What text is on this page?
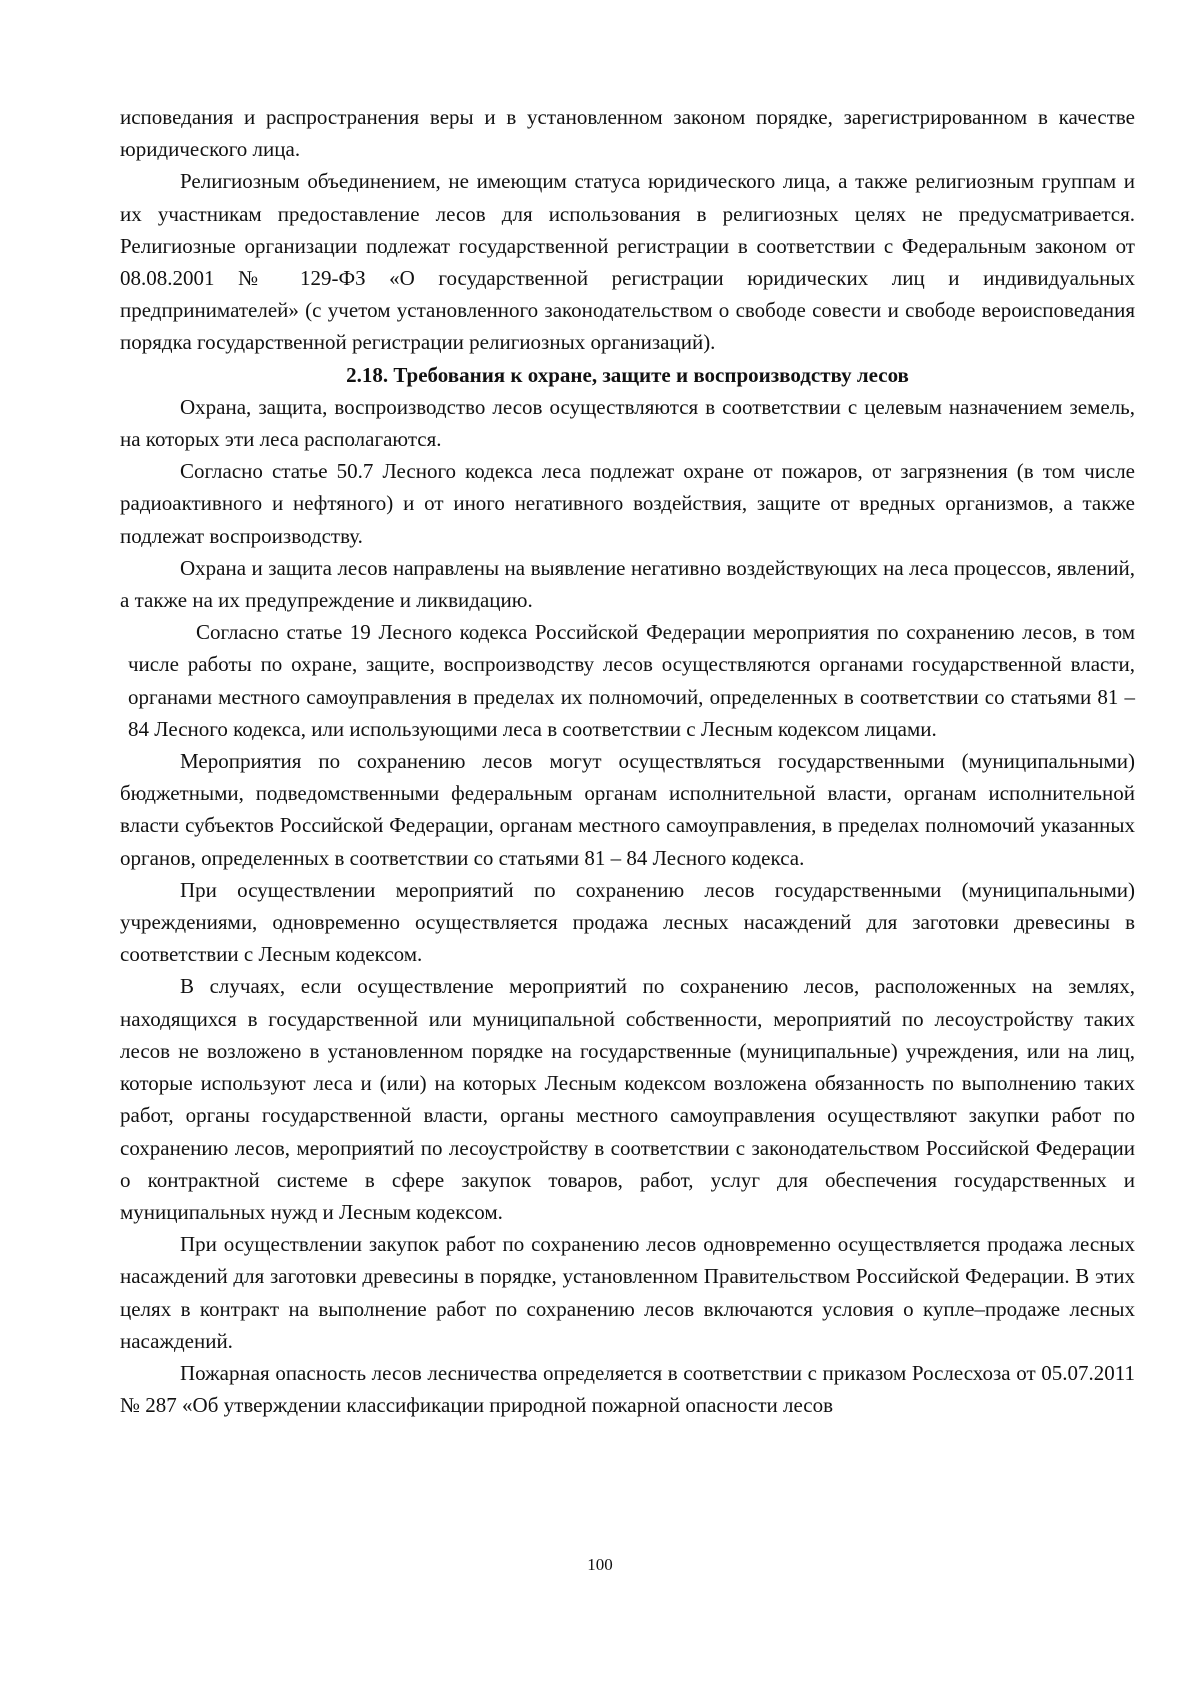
исповедания и распространения веры и в установленном законом порядке, зарегистрированном в качестве юридического лица.

Религиозным объединением, не имеющим статуса юридического лица, а также религиозным группам и их участникам предоставление лесов для использования в религиозных целях не предусматривается. Религиозные организации подлежат государственной регистрации в соответствии с Федеральным законом от 08.08.2001 № 129-ФЗ «О государственной регистрации юридических лиц и индивидуальных предпринимателей» (с учетом установленного законодательством о свободе совести и свободе вероисповедания порядка государственной регистрации религиозных организаций).

2.18. Требования к охране, защите и воспроизводству лесов

Охрана, защита, воспроизводство лесов осуществляются в соответствии с целевым назначением земель, на которых эти леса располагаются.

Согласно статье 50.7 Лесного кодекса леса подлежат охране от пожаров, от загрязнения (в том числе радиоактивного и нефтяного) и от иного негативного воздействия, защите от вредных организмов, а также подлежат воспроизводству.

Охрана и защита лесов направлены на выявление негативно воздействующих на леса процессов, явлений, а также на их предупреждение и ликвидацию.

Согласно статье 19 Лесного кодекса Российской Федерации мероприятия по сохранению лесов, в том числе работы по охране, защите, воспроизводству лесов осуществляются органами государственной власти, органами местного самоуправления в пределах их полномочий, определенных в соответствии со статьями 81 – 84 Лесного кодекса, или использующими леса в соответствии с Лесным кодексом лицами.

Мероприятия по сохранению лесов могут осуществляться государственными (муниципальными) бюджетными, подведомственными федеральным органам исполнительной власти, органам исполнительной власти субъектов Российской Федерации, органам местного самоуправления, в пределах полномочий указанных органов, определенных в соответствии со статьями 81 – 84 Лесного кодекса.

При осуществлении мероприятий по сохранению лесов государственными (муниципальными) учреждениями, одновременно осуществляется продажа лесных насаждений для заготовки древесины в соответствии с Лесным кодексом.

В случаях, если осуществление мероприятий по сохранению лесов, расположенных на землях, находящихся в государственной или муниципальной собственности, мероприятий по лесоустройству таких лесов не возложено в установленном порядке на государственные (муниципальные) учреждения, или на лиц, которые используют леса и (или) на которых Лесным кодексом возложена обязанность по выполнению таких работ, органы государственной власти, органы местного самоуправления осуществляют закупки работ по сохранению лесов, мероприятий по лесоустройству в соответствии с законодательством Российской Федерации о контрактной системе в сфере закупок товаров, работ, услуг для обеспечения государственных и муниципальных нужд и Лесным кодексом.

При осуществлении закупок работ по сохранению лесов одновременно осуществляется продажа лесных насаждений для заготовки древесины в порядке, установленном Правительством Российской Федерации. В этих целях в контракт на выполнение работ по сохранению лесов включаются условия о купле–продаже лесных насаждений.

Пожарная опасность лесов лесничества определяется в соответствии с приказом Рослесхоза от 05.07.2011 № 287 «Об утверждении классификации природной пожарной опасности лесов

100
